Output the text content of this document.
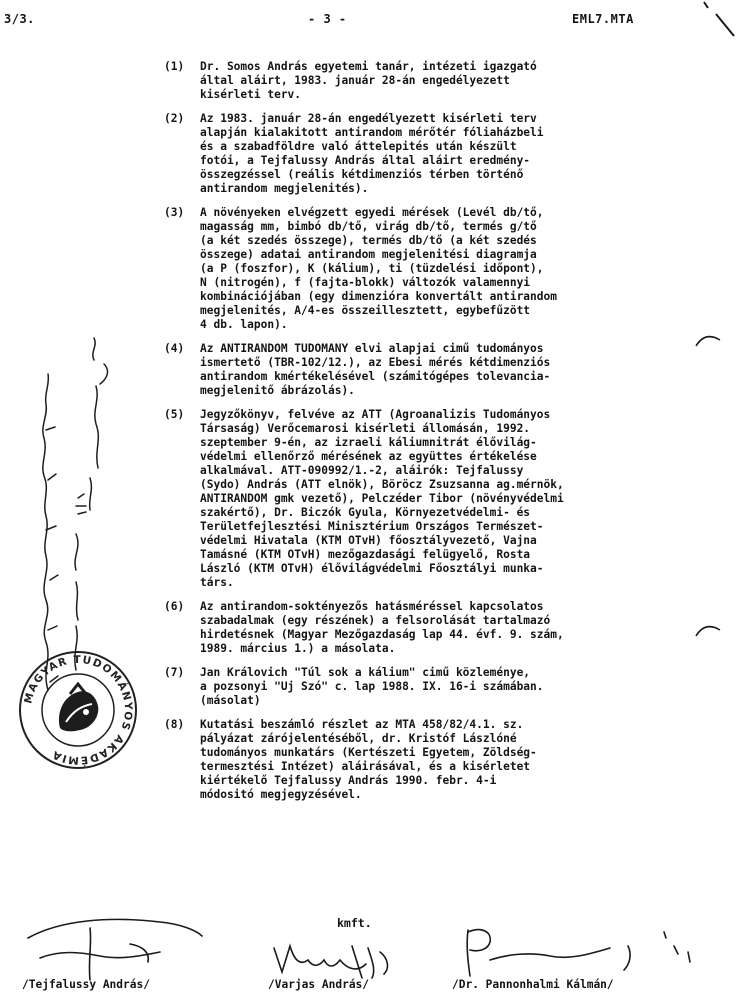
3/3.	- 3 -	EML7.MTA
(1)	Dr. Somos András egyetemi tanár, intézeti igazgató
által aláirt, 1983. január 28-án engedélyezett
kisérleti terv.
(2)	Az 1983. január 28-án engedélyezett kisérleti terv
alapján kialakitott antirandom mérőtér fóliaházbeli
és a szabadföldre való áttelepités után készült
fotói, a Tejfalussy András által aláirt eredmény-
összegzéssel (reális kétdimenziós térben történő
antirandom megjelenités).
(3)	A növényeken elvégzett egyedi mérések (Levél db/tő,
magasság mm, bimbó db/tő, virág db/tő, termés g/tő
(a két szedés összege), termés db/tő (a két szedés
összege) adatai antirandom megjelenitési diagramja
(a P (foszfor), K (kálium), ti (tüzdelési időpont),
N (nitrogén), f (fajta-blokk) változók valamennyi
kombinációjában (egy dimenzióra konvertált antirandom
megjelenités, A/4-es összeillesztett, egybefűzött
4 db. lapon).
(4)	Az ANTIRANDOM TUDOMANY elvi alapjai cimű tudományos
ismertető (TBR-102/12.), az Ebesi mérés kétdimenziós
antirandom kmértékelésével (számitógépes tolevancia-
megjelenitő ábrázolás).
(5)	Jegyzőkönyv, felvéve az ATT (Agroanalizis Tudományos
Társaság) Verőcemarosi kisérleti állomásán, 1992.
szeptember 9-én, az izraeli káliumnitrát élővilág-
védelmi ellenőrző mérésének az együttes értékelése
alkalmával. ATT-090992/1.-2, aláirók: Tejfalussy
(Sydo) András (ATT elnök), Böröcz Zsuzsanna ag.mérnök,
ANTIRANDOM gmk vezető), Pelczéder Tibor (növényvédelmi
szakértő), Dr. Biczók Gyula, Környezetvédelmi- és
Területfejlesztési Minisztérium Országos Természet-
védelmi Hivatala (KTM OTvH) főosztályvezető, Vajna
Tamásné (KTM OTvH) mezőgazdasági felügyelő, Rosta
László (KTM OTvH) élővilágvédelmi Főosztályi munka-
társ.
(6)	Az antirandom-soktényezős hatásméréssel kapcsolatos
szabadalmak (egy részének) a felsorolását tartalmazó
hirdetésnek (Magyar Mezőgazdaság lap 44. évf. 9. szám,
1989. március 1.) a másolata.
(7)	Jan Královich "Túl sok a kálium" cimű közleménye,
a pozsonyi "Uj Szó" c. lap 1988. IX. 16-i számában.
(másolat)
(8)	Kutatási beszámló részlet az MTA 458/82/4.1. sz.
pályázat zárójelentéséből, dr. Kristóf Lászlóné
tudományos munkatárs (Kertészeti Egyetem, Zöldség-
termesztési Intézet) aláirásával, és a kisérletet
kiértékelő Tejfalussy András 1990. febr. 4-i
módositó megjegyzésével.
kmft.
MAGYAR TUDOMÁNYOS AKADÉMIA
/Tejfalussy András/	/Varjas András/	/Dr. Pannonhalmi Kálmán/
